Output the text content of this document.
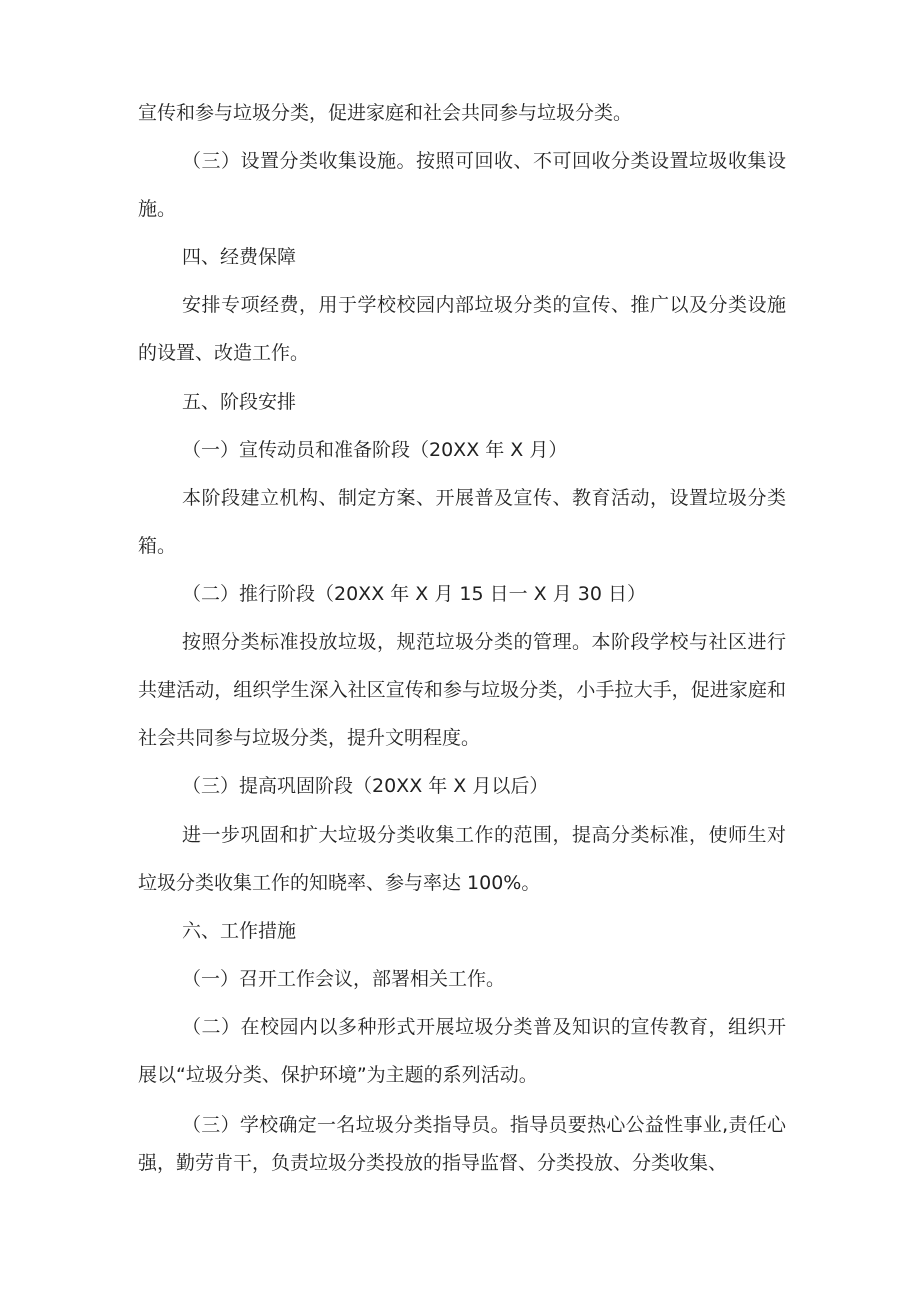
宣传和参与垃圾分类，促进家庭和社会共同参与垃圾分类。

（三）设置分类收集设施。按照可回收、不可回收分类设置垃圾收集设施。

四、经费保障

安排专项经费，用于学校校园内部垃圾分类的宣传、推广以及分类设施的设置、改造工作。

五、阶段安排

（一）宣传动员和准备阶段（20XX 年 X 月）

本阶段建立机构、制定方案、开展普及宣传、教育活动，设置垃圾分类箱。

（二）推行阶段（20XX 年 X 月 15 日一 X 月 30 日）

按照分类标准投放垃圾，规范垃圾分类的管理。本阶段学校与社区进行共建活动，组织学生深入社区宣传和参与垃圾分类，小手拉大手，促进家庭和社会共同参与垃圾分类，提升文明程度。

（三）提高巩固阶段（20XX 年 X 月以后）

进一步巩固和扩大垃圾分类收集工作的范围，提高分类标准，使师生对垃圾分类收集工作的知晓率、参与率达 100%。

六、工作措施

（一）召开工作会议，部署相关工作。

（二）在校园内以多种形式开展垃圾分类普及知识的宣传教育，组织开展以“垃圾分类、保护环境”为主题的系列活动。

（三）学校确定一名垃圾分类指导员。指导员要热心公益性事业,责任心强，勤劳肯干，负责垃圾分类投放的指导监督、分类投放、分类收集、
